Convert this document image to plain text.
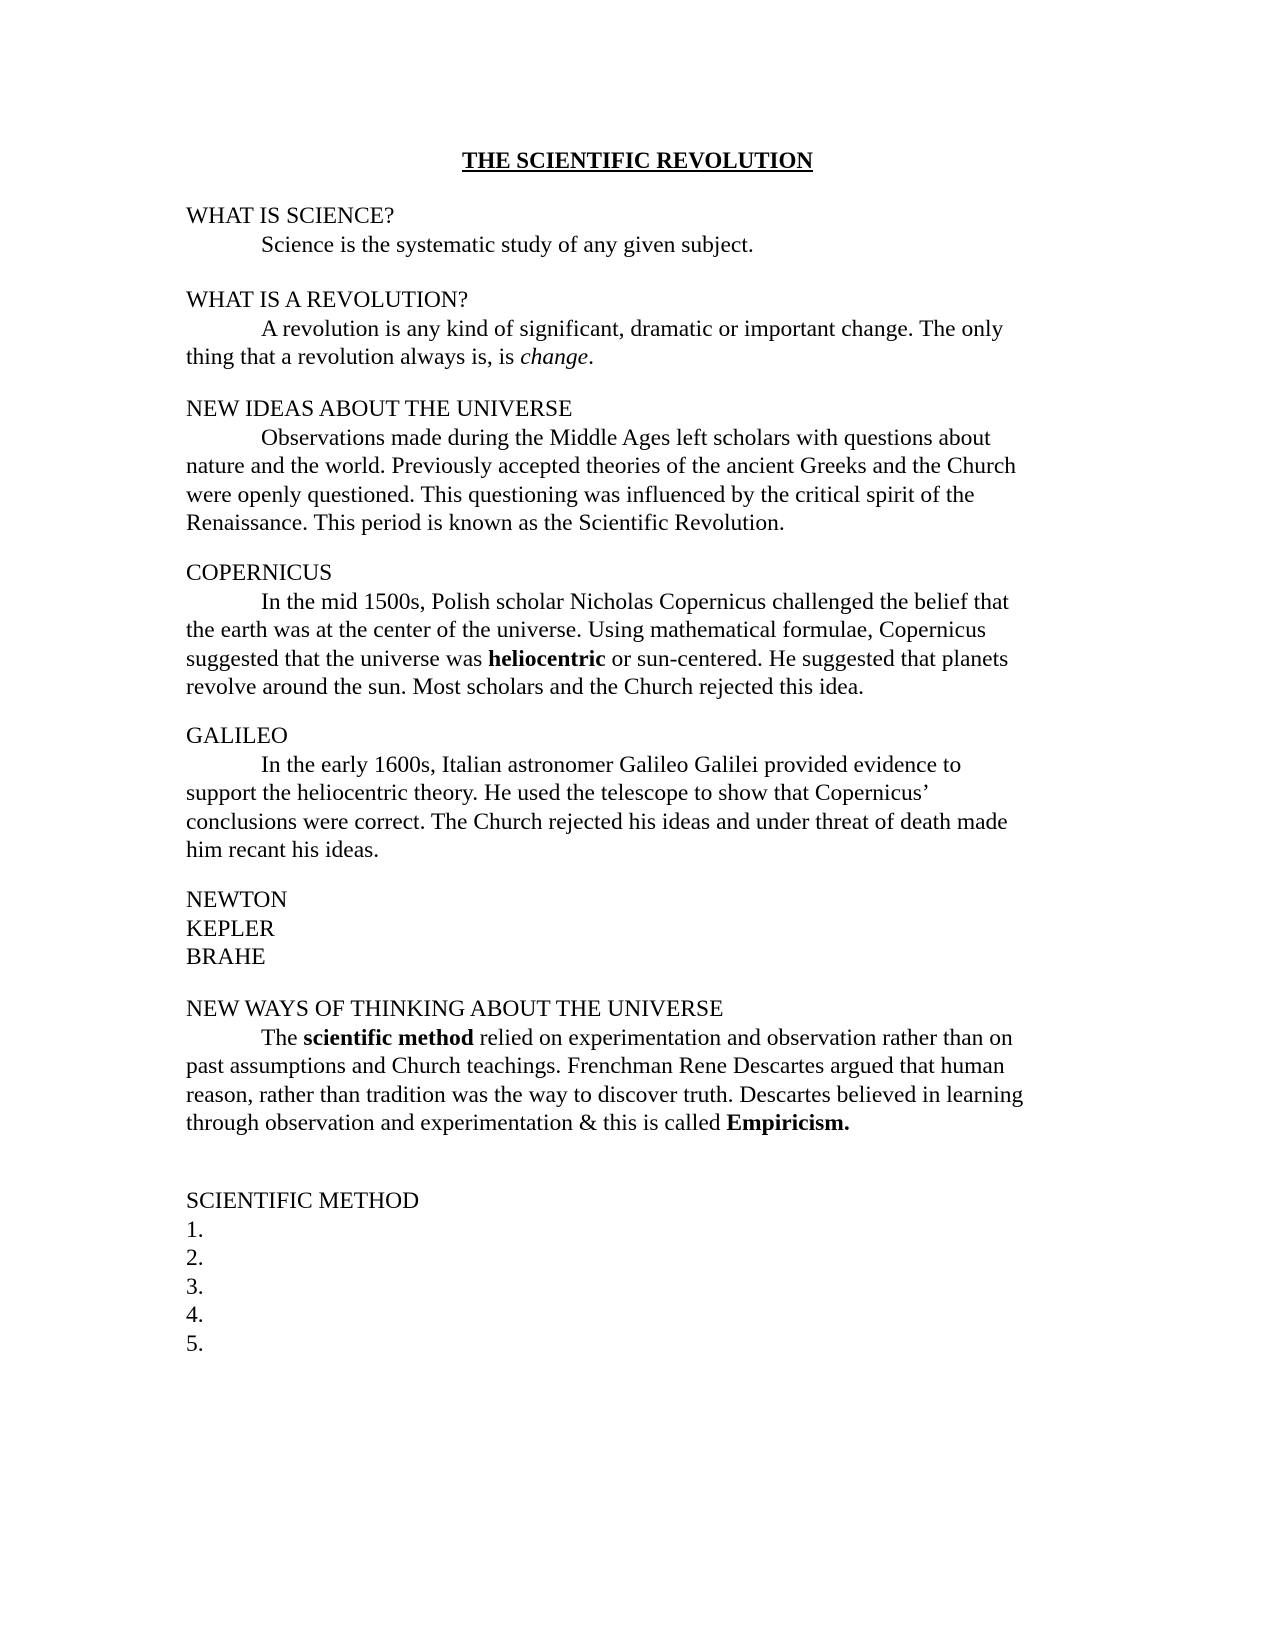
THE SCIENTIFIC REVOLUTION

WHAT IS SCIENCE?

Science is the systematic study of any given subject.

WHAT IS A REVOLUTION?

A revolution is any kind of significant, dramatic or important change. The only

thing that a revolution always is, is change.

NEW IDEAS ABOUT THE UNIVERSE

Observations made during the Middle Ages left scholars with questions about

nature and the world. Previously accepted theories of the ancient Greeks and the Church

were openly questioned. This questioning was influenced by the critical spirit of the

Renaissance. This period is known as the Scientific Revolution.

COPERNICUS

In the mid 1500s, Polish scholar Nicholas Copernicus challenged the belief that

the earth was at the center of the universe. Using mathematical formulae, Copernicus

suggested that the universe was heliocentric or sun-centered. He suggested that planets

revolve around the sun. Most scholars and the Church rejected this idea.

GALILEO

In the early 1600s, Italian astronomer Galileo Galilei provided evidence to

support the heliocentric theory. He used the telescope to show that Copernicus’

conclusions were correct. The Church rejected his ideas and under threat of death made

him recant his ideas.

NEWTON

KEPLER

BRAHE

NEW WAYS OF THINKING ABOUT THE UNIVERSE

The scientific method relied on experimentation and observation rather than on

past assumptions and Church teachings. Frenchman Rene Descartes argued that human

reason, rather than tradition was the way to discover truth. Descartes believed in learning

through observation and experimentation & this is called Empiricism.

SCIENTIFIC METHOD

1.

2.

3.

4.

5.
